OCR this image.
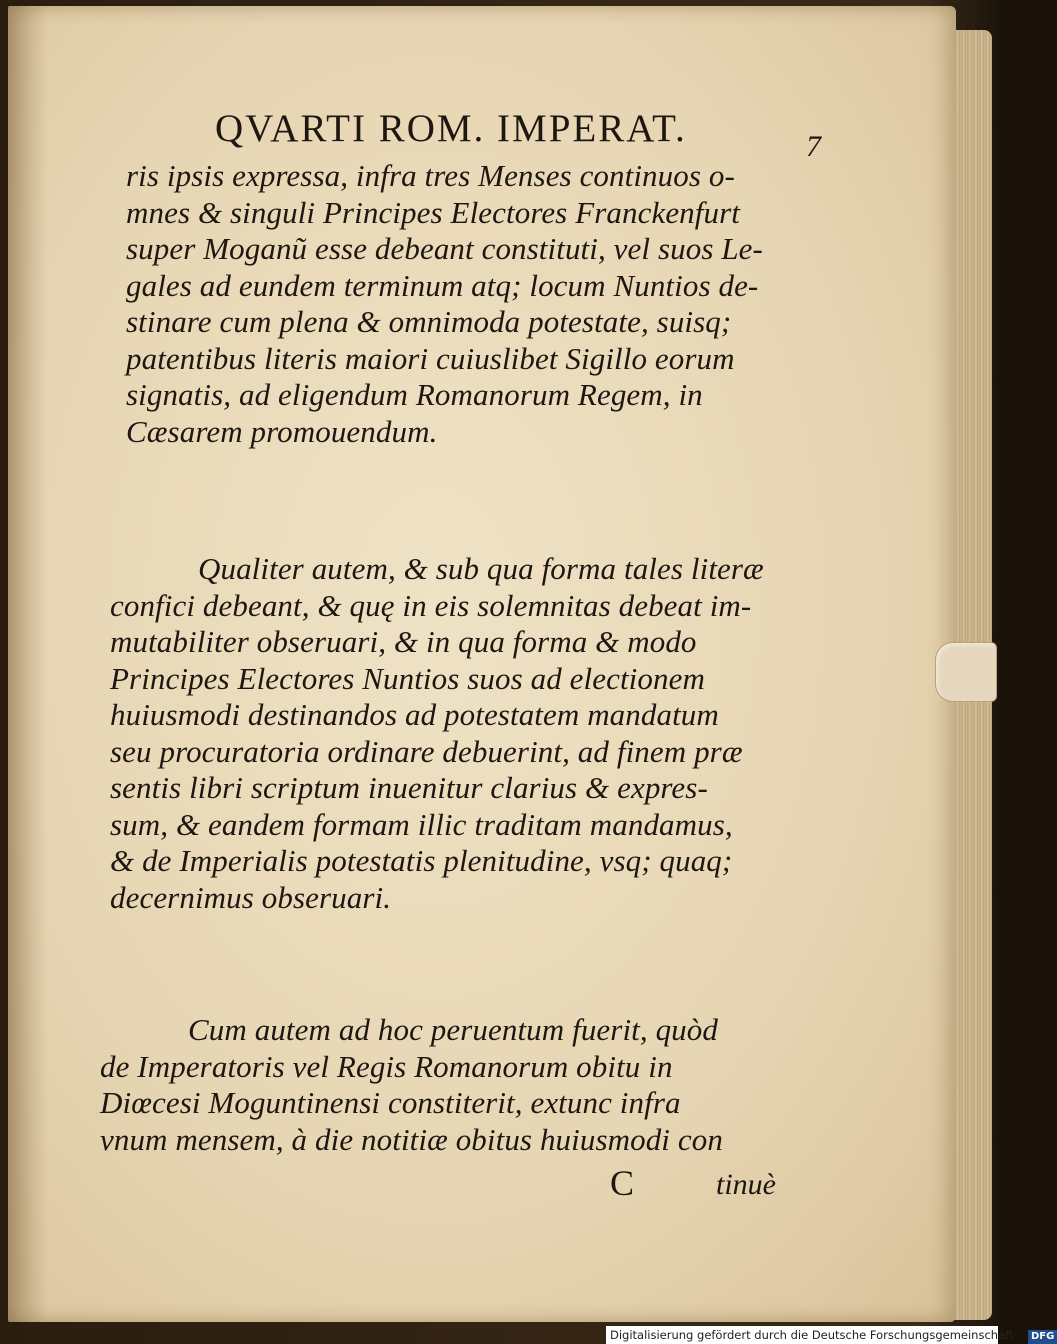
QVARTI ROM. IMPERAT.	7
ris ipsis expressa, infra tres Menses continuos o-
mnes & singuli Principes Electores Franckenfurt
super Moganũ esse debeant constituti, vel suos Le-
gales ad eundem terminum atq; locum Nuntios de-
stinare cum plena & omnimoda potestate, suisq;
patentibus literis maiori cuiuslibet Sigillo eorum
signatis, ad eligendum Romanorum Regem, in
Cæsarem promouendum.
Qualiter autem, & sub qua forma tales literæ
confici debeant, & quę in eis solemnitas debeat im-
mutabiliter obseruari, & in qua forma & modo
Principes Electores Nuntios suos ad electionem
huiusmodi destinandos ad potestatem mandatum
seu procuratoria ordinare debuerint, ad finem præ
sentis libri scriptum inuenitur clarius & expres-
sum, & eandem formam illic traditam mandamus,
& de Imperialis potestatis plenitudine, vsq; quaq;
decernimus obseruari.
Cum autem ad hoc peruentum fuerit, quòd
de Imperatoris vel Regis Romanorum obitu in
Diœcesi Moguntinensi constiterit, extunc infra
vnum mensem, à die notitiæ obitus huiusmodi con
C	tinuè
Digitalisierung gefördert durch die Deutsche Forschungsgemeinschaft - DFG
